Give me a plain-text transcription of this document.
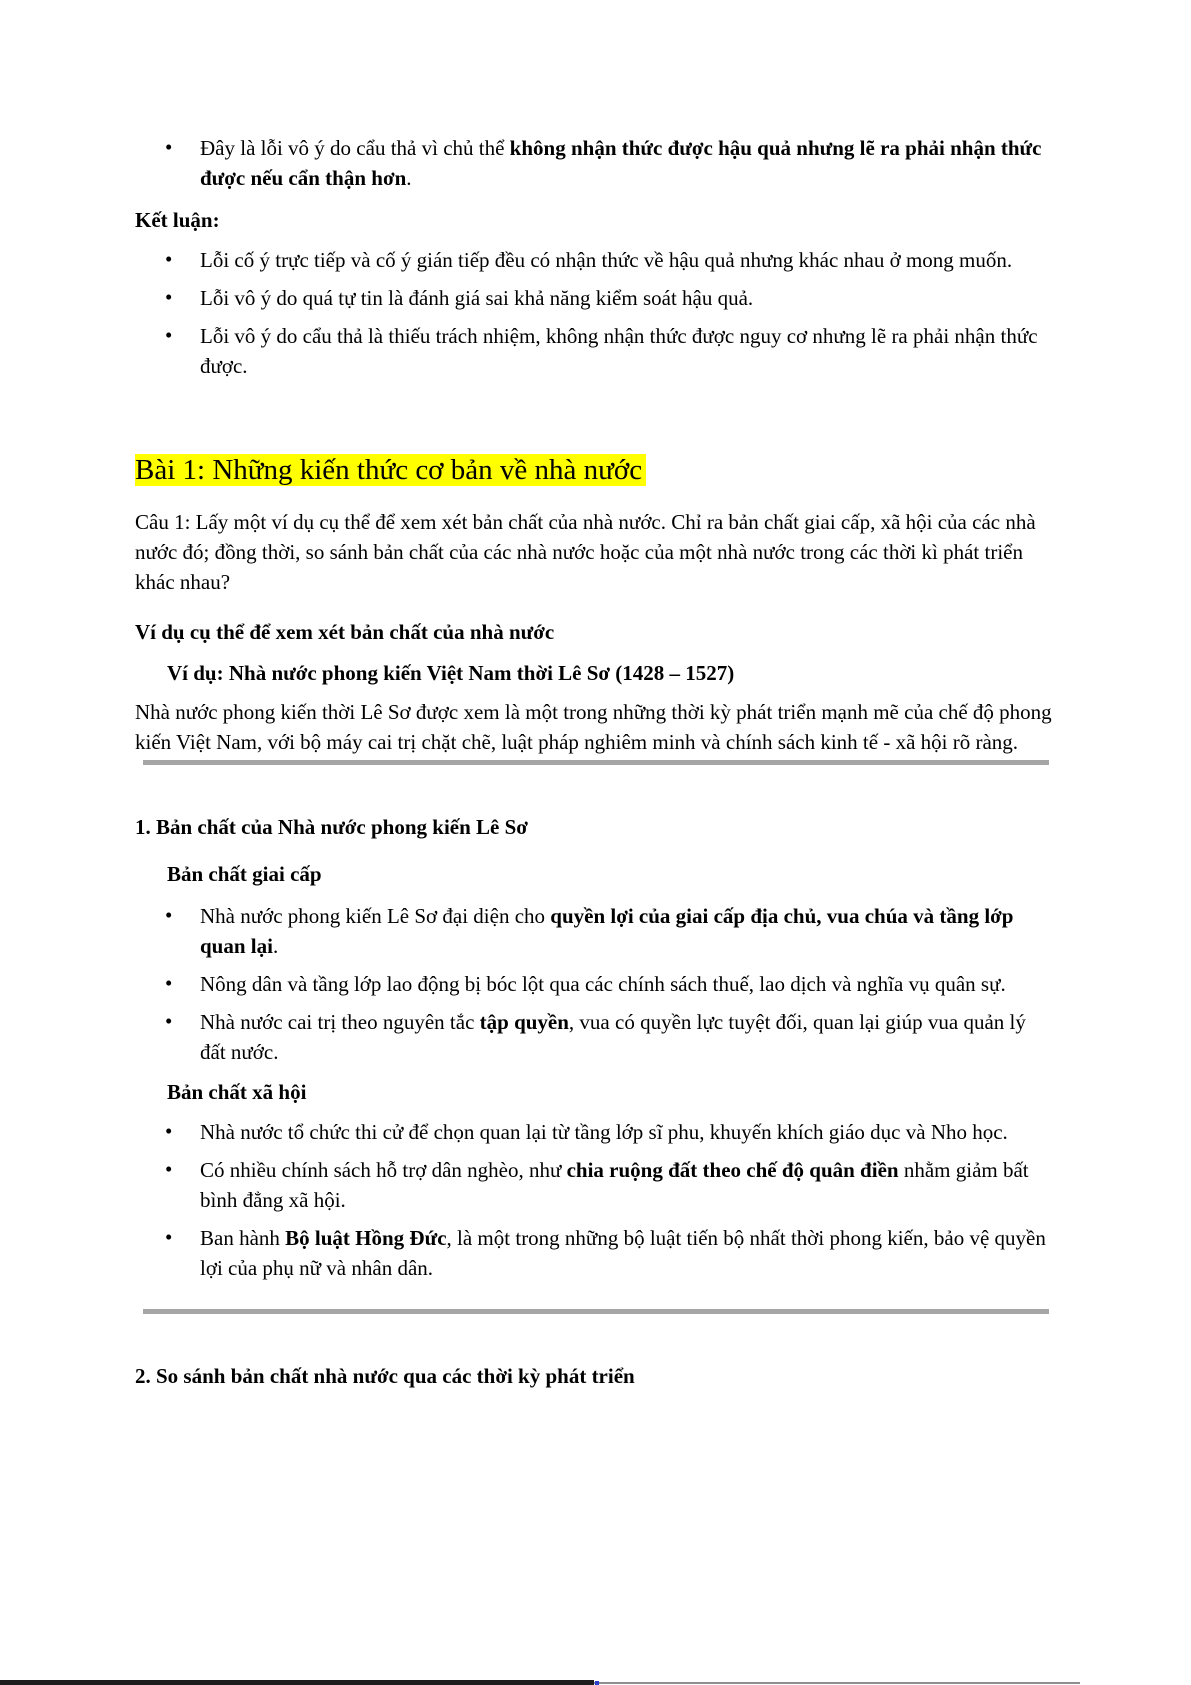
• Đây là lỗi vô ý do cẩu thả vì chủ thể không nhận thức được hậu quả nhưng lẽ ra phải nhận thức được nếu cẩn thận hơn.
Kết luận:
• Lỗi cố ý trực tiếp và cố ý gián tiếp đều có nhận thức về hậu quả nhưng khác nhau ở mong muốn.
• Lỗi vô ý do quá tự tin là đánh giá sai khả năng kiểm soát hậu quả.
• Lỗi vô ý do cẩu thả là thiếu trách nhiệm, không nhận thức được nguy cơ nhưng lẽ ra phải nhận thức được.
Bài 1: Những kiến thức cơ bản về nhà nước
Câu 1: Lấy một ví dụ cụ thể để xem xét bản chất của nhà nước. Chỉ ra bản chất giai cấp, xã hội của các nhà nước đó; đồng thời, so sánh bản chất của các nhà nước hoặc của một nhà nước trong các thời kì phát triển khác nhau?
Ví dụ cụ thể để xem xét bản chất của nhà nước
Ví dụ: Nhà nước phong kiến Việt Nam thời Lê Sơ (1428 – 1527)
Nhà nước phong kiến thời Lê Sơ được xem là một trong những thời kỳ phát triển mạnh mẽ của chế độ phong kiến Việt Nam, với bộ máy cai trị chặt chẽ, luật pháp nghiêm minh và chính sách kinh tế - xã hội rõ ràng.
1. Bản chất của Nhà nước phong kiến Lê Sơ
Bản chất giai cấp
• Nhà nước phong kiến Lê Sơ đại diện cho quyền lợi của giai cấp địa chủ, vua chúa và tầng lớp quan lại.
• Nông dân và tầng lớp lao động bị bóc lột qua các chính sách thuế, lao dịch và nghĩa vụ quân sự.
• Nhà nước cai trị theo nguyên tắc tập quyền, vua có quyền lực tuyệt đối, quan lại giúp vua quản lý đất nước.
Bản chất xã hội
• Nhà nước tổ chức thi cử để chọn quan lại từ tầng lớp sĩ phu, khuyến khích giáo dục và Nho học.
• Có nhiều chính sách hỗ trợ dân nghèo, như chia ruộng đất theo chế độ quân điền nhằm giảm bất bình đẳng xã hội.
• Ban hành Bộ luật Hồng Đức, là một trong những bộ luật tiến bộ nhất thời phong kiến, bảo vệ quyền lợi của phụ nữ và nhân dân.
2. So sánh bản chất nhà nước qua các thời kỳ phát triển
